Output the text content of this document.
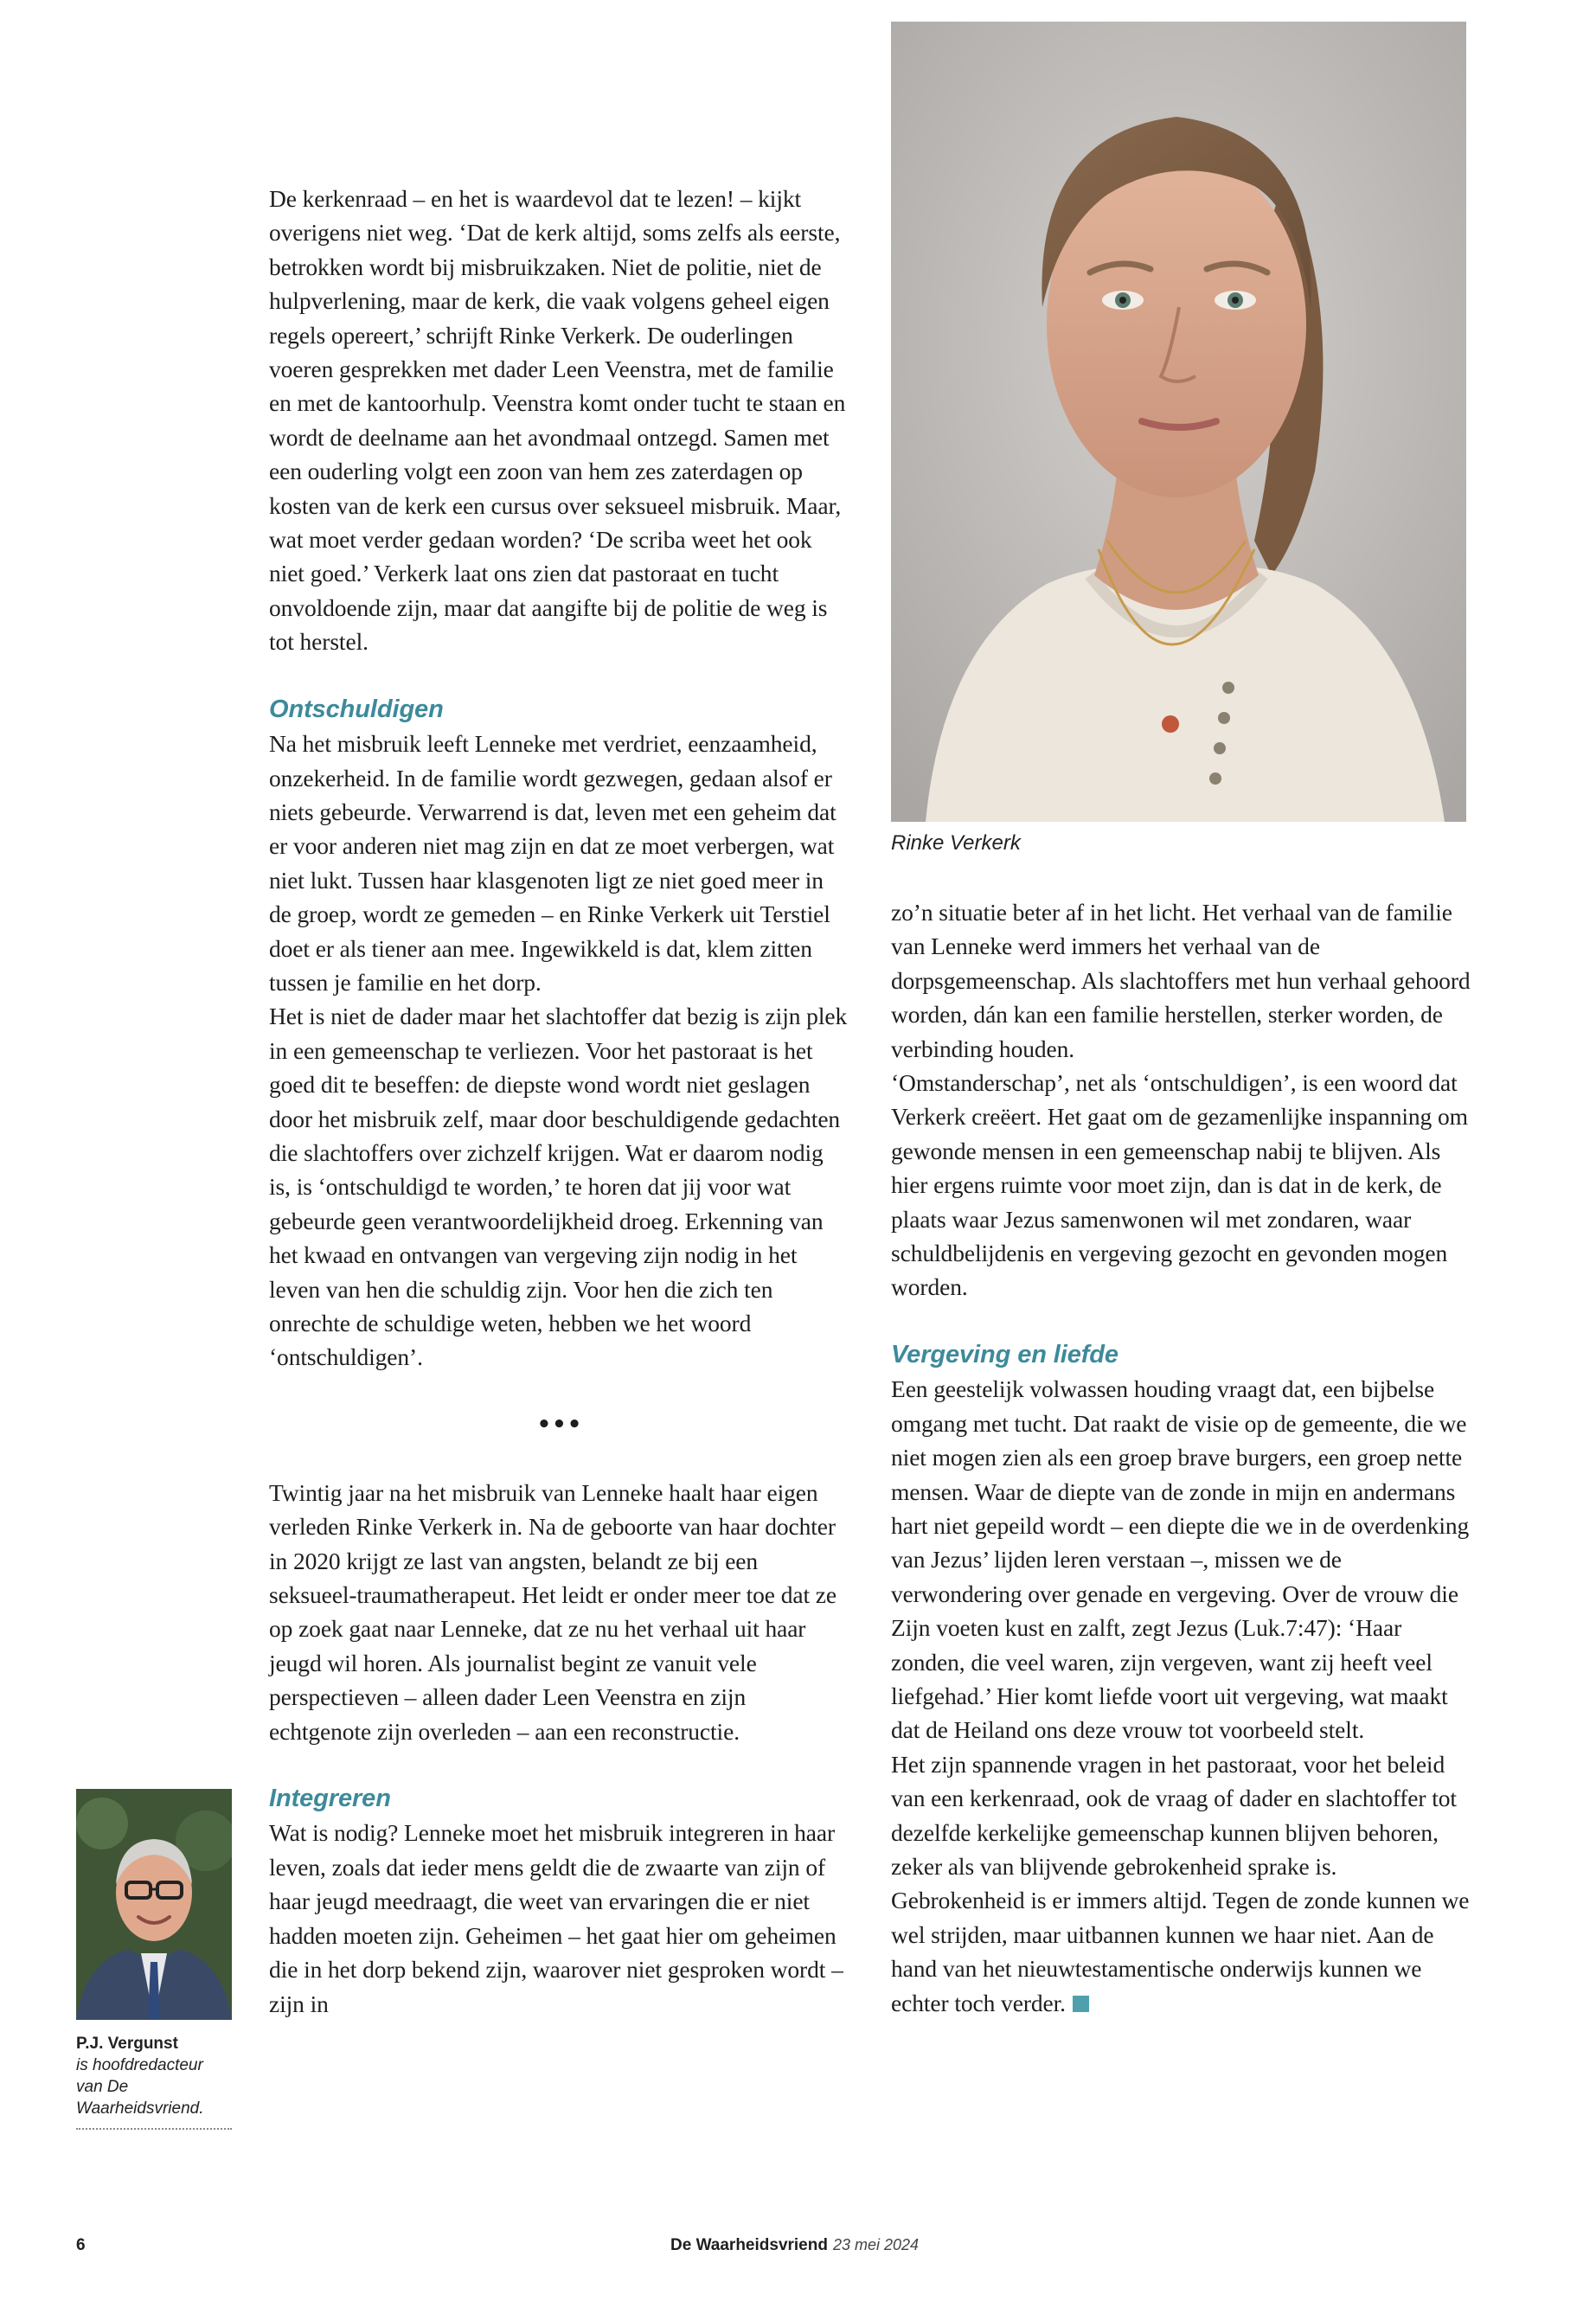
Rinke Verkerk

De kerkenraad – en het is waardevol dat te lezen! – kijkt overigens niet weg. ‘Dat de kerk altijd, soms zelfs als eerste, betrokken wordt bij misbruikzaken. Niet de politie, niet de hulpverlening, maar de kerk, die vaak volgens geheel eigen regels opereert,’ schrijft Rinke Verkerk. De ouderlingen voeren gesprekken met dader Leen Veenstra, met de familie en met de kantoorhulp. Veenstra komt onder tucht te staan en wordt de deelname aan het avondmaal ontzegd. Samen met een ouderling volgt een zoon van hem zes zaterdagen op kosten van de kerk een cursus over seksueel misbruik. Maar, wat moet verder gedaan worden? ‘De scriba weet het ook niet goed.’ Verkerk laat ons zien dat pastoraat en tucht onvoldoende zijn, maar dat aangifte bij de politie de weg is tot herstel.

Ontschuldigen

Na het misbruik leeft Lenneke met verdriet, eenzaamheid, onzekerheid. In de familie wordt gezwegen, gedaan alsof er niets gebeurde. Verwarrend is dat, leven met een geheim dat er voor anderen niet mag zijn en dat ze moet verbergen, wat niet lukt. Tussen haar klasgenoten ligt ze niet goed meer in de groep, wordt ze gemeden – en Rinke Verkerk uit Terstiel doet er als tiener aan mee. Ingewikkeld is dat, klem zitten tussen je familie en het dorp.

Het is niet de dader maar het slachtoffer dat bezig is zijn plek in een gemeenschap te verliezen. Voor het pastoraat is het goed dit te beseffen: de diepste wond wordt niet geslagen door het misbruik zelf, maar door beschuldigende gedachten die slachtoffers over zichzelf krijgen. Wat er daarom nodig is, is ‘ontschuldigd te worden,’ te horen dat jij voor wat gebeurde geen verantwoordelijkheid droeg. Erkenning van het kwaad en ontvangen van vergeving zijn nodig in het leven van hen die schuldig zijn. Voor hen die zich ten onrechte de schuldige weten, hebben we het woord ‘ontschuldigen’.

•••

Twintig jaar na het misbruik van Lenneke haalt haar eigen verleden Rinke Verkerk in. Na de geboorte van haar dochter in 2020 krijgt ze last van angsten, belandt ze bij een seksueel-traumatherapeut. Het leidt er onder meer toe dat ze op zoek gaat naar Lenneke, dat ze nu het verhaal uit haar jeugd wil horen. Als journalist begint ze vanuit vele perspectieven – alleen dader Leen Veenstra en zijn echtgenote zijn overleden – aan een reconstructie.

Integreren

Wat is nodig? Lenneke moet het misbruik integreren in haar leven, zoals dat ieder mens geldt die de zwaarte van zijn of haar jeugd meedraagt, die weet van ervaringen die er niet hadden moeten zijn. Geheimen – het gaat hier om geheimen die in het dorp bekend zijn, waarover niet gesproken wordt – zijn in

zo’n situatie beter af in het licht. Het verhaal van de familie van Lenneke werd immers het verhaal van de dorpsgemeenschap. Als slachtoffers met hun verhaal gehoord worden, dán kan een familie herstellen, sterker worden, de verbinding houden.

‘Omstanderschap’, net als ‘ontschuldigen’, is een woord dat Verkerk creëert. Het gaat om de gezamenlijke inspanning om gewonde mensen in een gemeenschap nabij te blijven. Als hier ergens ruimte voor moet zijn, dan is dat in de kerk, de plaats waar Jezus samenwonen wil met zondaren, waar schuldbelijdenis en vergeving gezocht en gevonden mogen worden.

Vergeving en liefde

Een geestelijk volwassen houding vraagt dat, een bijbelse omgang met tucht. Dat raakt de visie op de gemeente, die we niet mogen zien als een groep brave burgers, een groep nette mensen. Waar de diepte van de zonde in mijn en andermans hart niet gepeild wordt – een diepte die we in de overdenking van Jezus’ lijden leren verstaan –, missen we de verwondering over genade en vergeving. Over de vrouw die Zijn voeten kust en zalft, zegt Jezus (Luk.7:47): ‘Haar zonden, die veel waren, zijn vergeven, want zij heeft veel liefgehad.’ Hier komt liefde voort uit vergeving, wat maakt dat de Heiland ons deze vrouw tot voorbeeld stelt.

Het zijn spannende vragen in het pastoraat, voor het beleid van een kerkenraad, ook de vraag of dader en slachtoffer tot dezelfde kerkelijke gemeenschap kunnen blijven behoren, zeker als van blijvende gebrokenheid sprake is. Gebrokenheid is er immers altijd. Tegen de zonde kunnen we wel strijden, maar uitbannen kunnen we haar niet. Aan de hand van het nieuwtestamentische onderwijs kunnen we echter toch verder.

P.J. Vergunst
is hoofdredacteur van De Waarheidsvriend.
6	De Waarheidsvriend 23 mei 2024
